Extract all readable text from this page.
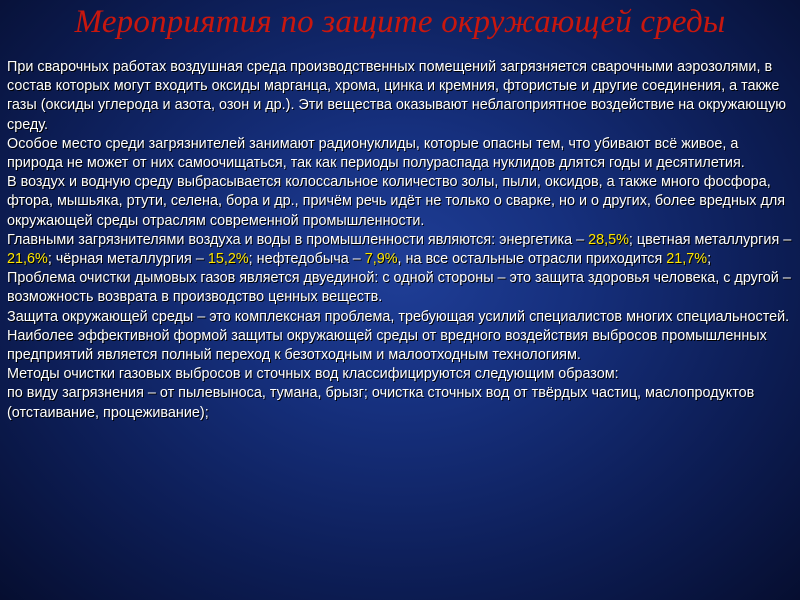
Мероприятия по защите окружающей среды

При сварочных работах воздушная среда производственных помещений загрязняется сварочными аэрозолями, в состав которых могут входить оксиды марганца, хрома, цинка и кремния, фтористые и другие соединения, а также газы (оксиды углерода и азота, озон и др.). Эти вещества оказывают неблагоприятное воздействие на окружающую среду.

Особое место среди загрязнителей занимают радионуклиды, которые опасны тем, что убивают всё живое, а природа не может от них самоочищаться, так как периоды полураспада нуклидов длятся годы и десятилетия.

В воздух и водную среду выбрасывается колоссальное количество золы, пыли, оксидов, а также много фосфора, фтора, мышьяка, ртути, селена, бора и др., причём речь идёт не только о сварке, но и о других, более вредных для окружающей среды отраслям современной промышленности.

Главными загрязнителями воздуха и воды в промышленности являются: энергетика – 28,5%; цветная металлургия – 21,6%; чёрная металлургия – 15,2%; нефтедобыча – 7,9%, на все остальные отрасли приходится 21,7%;

Проблема очистки дымовых газов является двуединой: с одной стороны – это защита здоровья человека, с другой – возможность возврата в производство ценных веществ.

Защита окружающей среды – это комплексная проблема, требующая усилий специалистов многих специальностей. Наиболее эффективной формой защиты окружающей среды от вредного воздействия выбросов промышленных предприятий является полный переход к безотходным и малоотходным технологиям.

Методы очистки газовых выбросов и сточных вод классифицируются следующим образом:

по виду загрязнения – от пылевыноса, тумана, брызг; очистка сточных вод от твёрдых частиц, маслопродуктов (отстаивание, процеживание);
